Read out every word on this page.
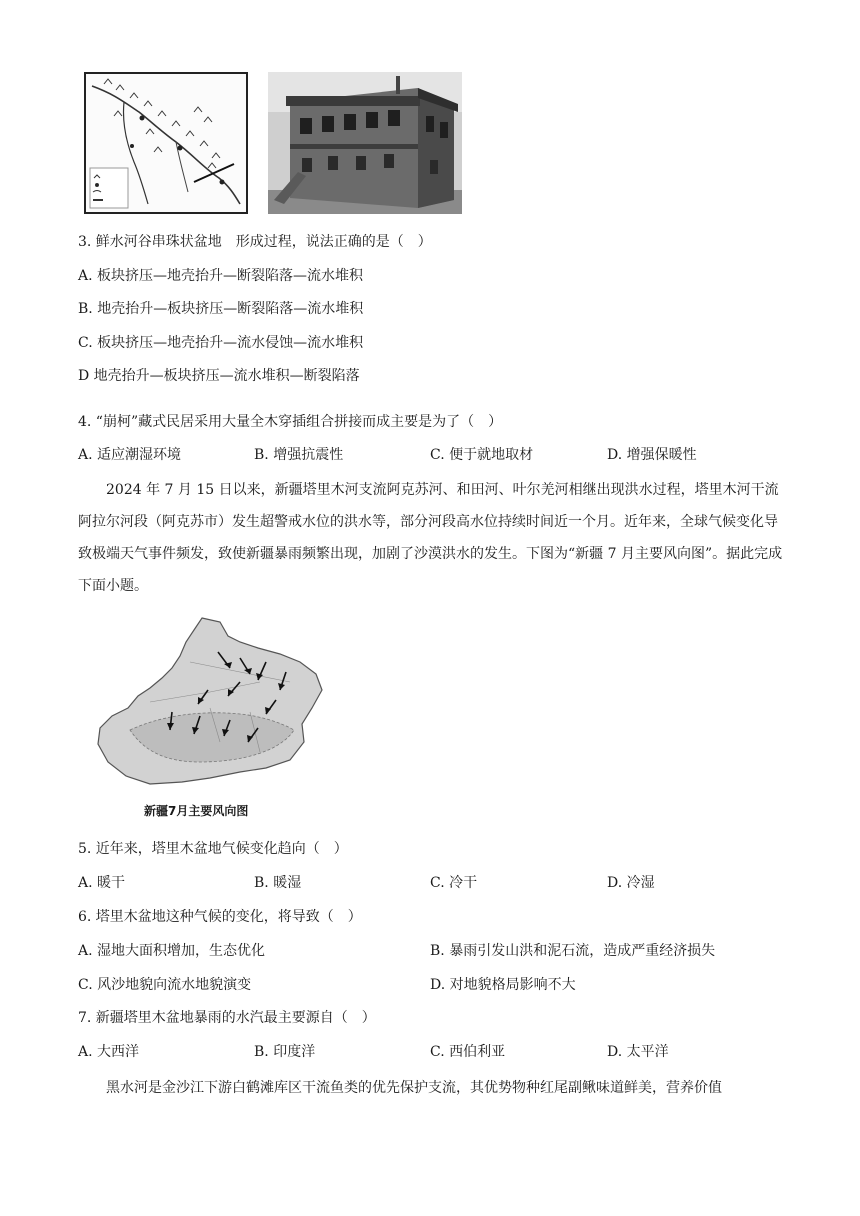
3. 鲜水河谷串珠状盆地　形成过程，说法正确的是（　）
A. 板块挤压—地壳抬升—断裂陷落—流水堆积
B. 地壳抬升—板块挤压—断裂陷落—流水堆积
C. 板块挤压—地壳抬升—流水侵蚀—流水堆积
D 地壳抬升—板块挤压—流水堆积—断裂陷落
4. “崩柯”藏式民居采用大量全木穿插组合拼接而成主要是为了（　）
A. 适应潮湿环境	B. 增强抗震性	C. 便于就地取材	D. 增强保暖性
2024 年 7 月 15 日以来，新疆塔里木河支流阿克苏河、和田河、叶尔羌河相继出现洪水过程，塔里木河干流阿拉尔河段（阿克苏市）发生超警戒水位的洪水等，部分河段高水位持续时间近一个月。近年来，全球气候变化导致极端天气事件频发，致使新疆暴雨频繁出现，加剧了沙漠洪水的发生。下图为“新疆 7 月主要风向图”。据此完成下面小题。
新疆7月主要风向图
5. 近年来，塔里木盆地气候变化趋向（　）
A. 暖干	B. 暖湿	C. 冷干	D. 冷湿
6. 塔里木盆地这种气候的变化，将导致（　）
A. 湿地大面积增加，生态优化	B. 暴雨引发山洪和泥石流，造成严重经济损失
C. 风沙地貌向流水地貌演变	D. 对地貌格局影响不大
7. 新疆塔里木盆地暴雨的水汽最主要源自（　）
A. 大西洋	B. 印度洋	C. 西伯利亚	D. 太平洋
黑水河是金沙江下游白鹤滩库区干流鱼类的优先保护支流，其优势物种红尾副鳅味道鲜美，营养价值
